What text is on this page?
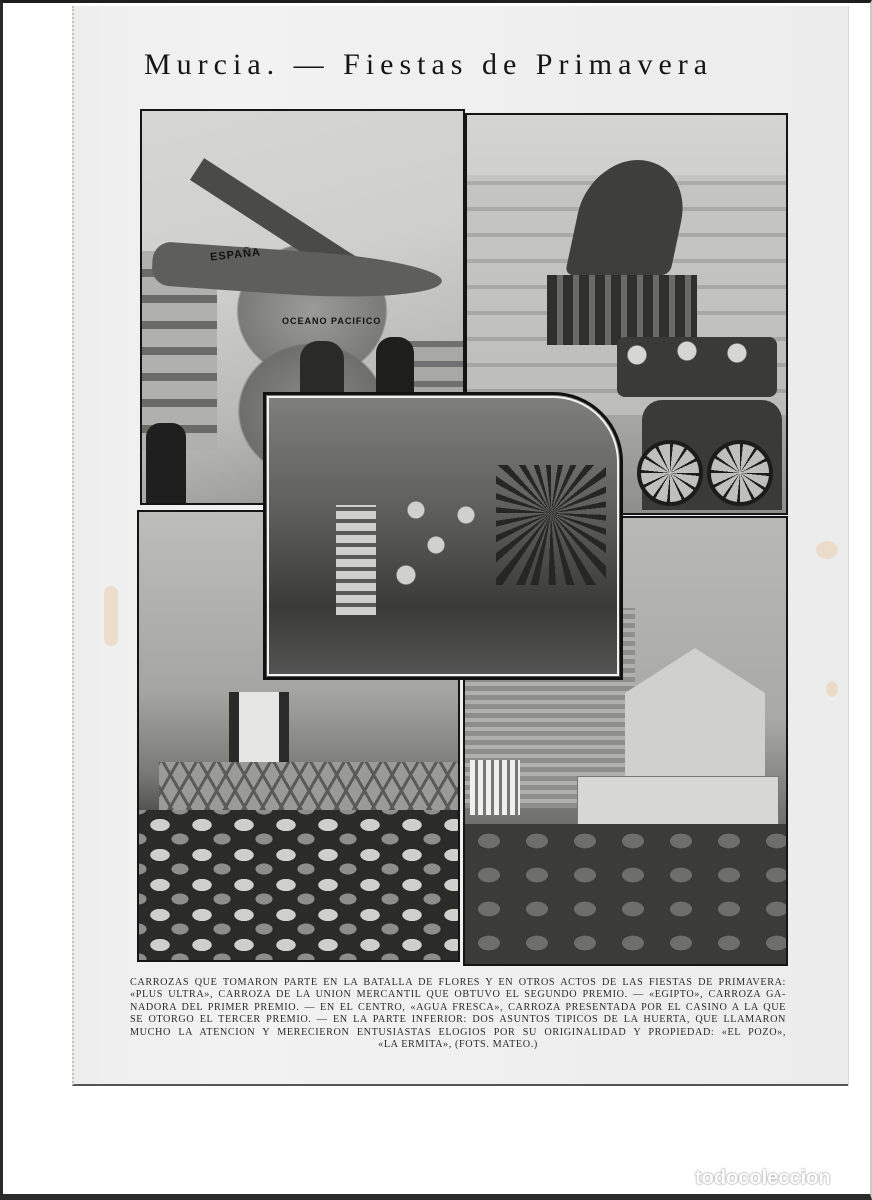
Murcia. — Fiestas de Primavera
ESPAÑA
OCEANO PACIFICO
CARROZAS QUE TOMARON PARTE EN LA BATALLA DE FLORES Y EN OTROS ACTOS DE LAS FIESTAS DE PRIMAVERA:
«PLUS ULTRA», CARROZA DE LA UNION MERCANTIL QUE OBTUVO EL SEGUNDO PREMIO. — «EGIPTO», CARROZA GA-
NADORA DEL PRIMER PREMIO. — EN EL CENTRO, «AGUA FRESCA», CARROZA PRESENTADA POR EL CASINO A LA QUE
SE OTORGO EL TERCER PREMIO. — EN LA PARTE INFERIOR: DOS ASUNTOS TIPICOS DE LA HUERTA, QUE LLAMARON
MUCHO LA ATENCION Y MERECIERON ENTUSIASTAS ELOGIOS POR SU ORIGINALIDAD Y PROPIEDAD: «EL POZO»,
«LA ERMITA», (FOTS. MATEO.)
todocoleccion
